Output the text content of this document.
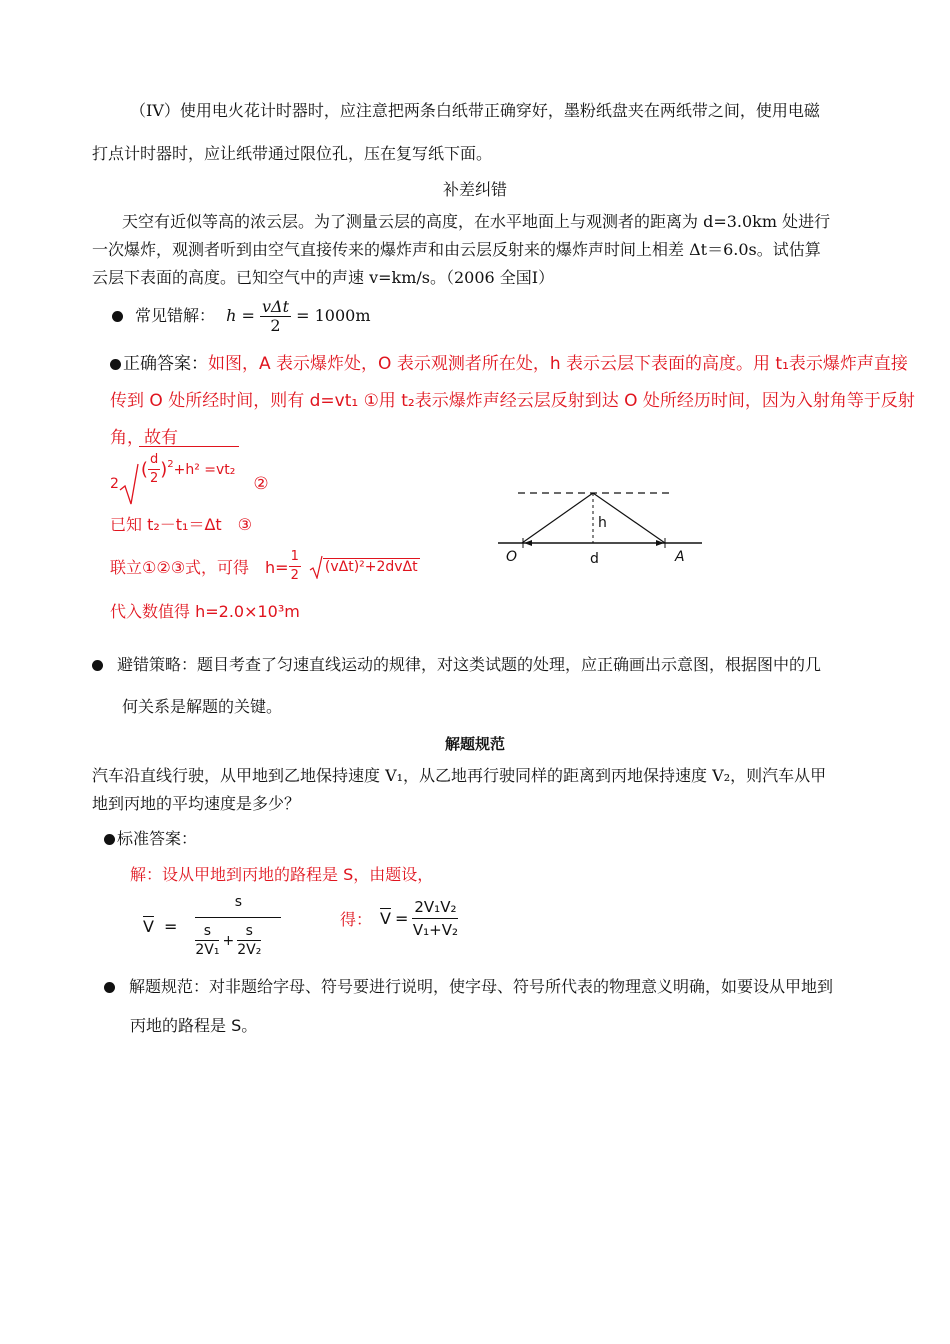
（ⅠV）使用电火花计时器时，应注意把两条白纸带正确穿好，墨粉纸盘夹在两纸带之间，使用电磁
打点计时器时，应让纸带通过限位孔，压在复写纸下面。
补差纠错
天空有近似等高的浓云层。为了测量云层的高度，在水平地面上与观测者的距离为 d=3.0km 处进行
一次爆炸，观测者听到由空气直接传来的爆炸声和由云层反射来的爆炸声时间上相差 Δt＝6.0s。试估算
云层下表面的高度。已知空气中的声速 v=km/s。（2006 全国Ⅰ）
常见错解： $h = \frac{\text{vΔt}}{2} = 1000m$
正确答案：如图，A 表示爆炸处，O 表示观测者所在处，h 表示云层下表面的高度。用 t₁表示爆炸声直接
传到 O 处所经时间，则有 d=vt₁ ①用 t₂表示爆炸声经云层反射到达 O 处所经历时间，因为入射角等于反射
角，故有
2
( $\frac{d}{2}$ ) 2 +h² =vt₂
②
已知 t₂－t₁＝Δt　③
联立①②③式，可得　$h= \frac{1}{2} (v\Delta t)^2+2dv\Delta t$
代入数值得 h=2.0×10³m
h
O	d	A
避错策略：题目考查了匀速直线运动的规律，对这类试题的处理，应正确画出示意图，根据图中的几
何关系是解题的关键。
解题规范
汽车沿直线行驶，从甲地到乙地保持速度 V₁，从乙地再行驶同样的距离到丙地保持速度 V₂，则汽车从甲
地到丙地的平均速度是多少？
标准答案：
解：设从甲地到丙地的路程是 S，由题设，
$\overline{V} = \frac{s}{\frac{s}{\text{2V₁}} + \frac{s}{\text{2V₂}}}$	得： $\overline{V} = \frac{\text{2V₁V₂}}{\text{V₁+V₂}}$
解题规范：对非题给字母、符号要进行说明，使字母、符号所代表的物理意义明确，如要设从甲地到
丙地的路程是 S。
